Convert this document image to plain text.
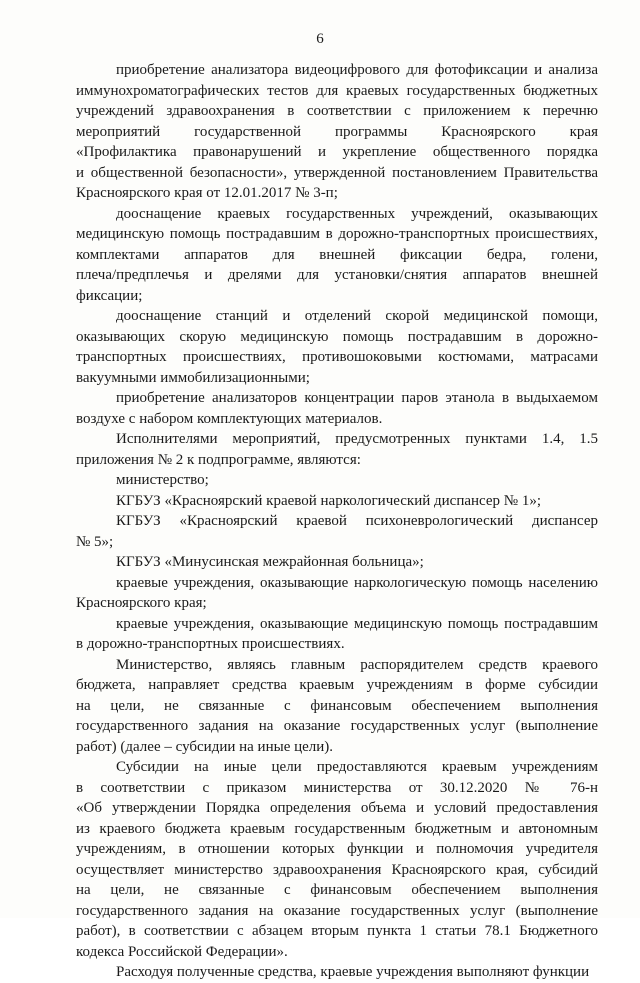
6

приобретение анализатора видеоцифрового для фотофиксации и анализа
иммунохроматографических тестов для краевых государственных бюджетных
учреждений здравоохранения в соответствии с приложением к перечню
мероприятий государственной программы Красноярского края
«Профилактика правонарушений и укрепление общественного порядка
и общественной безопасности», утвержденной постановлением Правительства
Красноярского края от 12.01.2017 № 3-п;

дооснащение краевых государственных учреждений, оказывающих
медицинскую помощь пострадавшим в дорожно-транспортных происшествиях,
комплектами аппаратов для внешней фиксации бедра, голени,
плеча/предплечья и дрелями для установки/снятия аппаратов внешней
фиксации;

дооснащение станций и отделений скорой медицинской помощи,
оказывающих скорую медицинскую помощь пострадавшим в дорожно-
транспортных происшествиях, противошоковыми костюмами, матрасами
вакуумными иммобилизационными;

приобретение анализаторов концентрации паров этанола в выдыхаемом
воздухе с набором комплектующих материалов.

Исполнителями мероприятий, предусмотренных пунктами 1.4, 1.5
приложения № 2 к подпрограмме, являются:

министерство;

КГБУЗ «Красноярский краевой наркологический диспансер № 1»;

КГБУЗ «Красноярский краевой психоневрологический диспансер
№ 5»;

КГБУЗ «Минусинская межрайонная больница»;

краевые учреждения, оказывающие наркологическую помощь населению
Красноярского края;

краевые учреждения, оказывающие медицинскую помощь пострадавшим
в дорожно-транспортных происшествиях.

Министерство, являясь главным распорядителем средств краевого
бюджета, направляет средства краевым учреждениям в форме субсидии
на цели, не связанные с финансовым обеспечением выполнения
государственного задания на оказание государственных услуг (выполнение
работ) (далее – субсидии на иные цели).

Субсидии на иные цели предоставляются краевым учреждениям
в соответствии с приказом министерства от 30.12.2020 № 76-н
«Об утверждении Порядка определения объема и условий предоставления
из краевого бюджета краевым государственным бюджетным и автономным
учреждениям, в отношении которых функции и полномочия учредителя
осуществляет министерство здравоохранения Красноярского края, субсидий
на цели, не связанные с финансовым обеспечением выполнения
государственного задания на оказание государственных услуг (выполнение
работ), в соответствии с абзацем вторым пункта 1 статьи 78.1 Бюджетного
кодекса Российской Федерации».

Расходуя полученные средства, краевые учреждения выполняют функции
